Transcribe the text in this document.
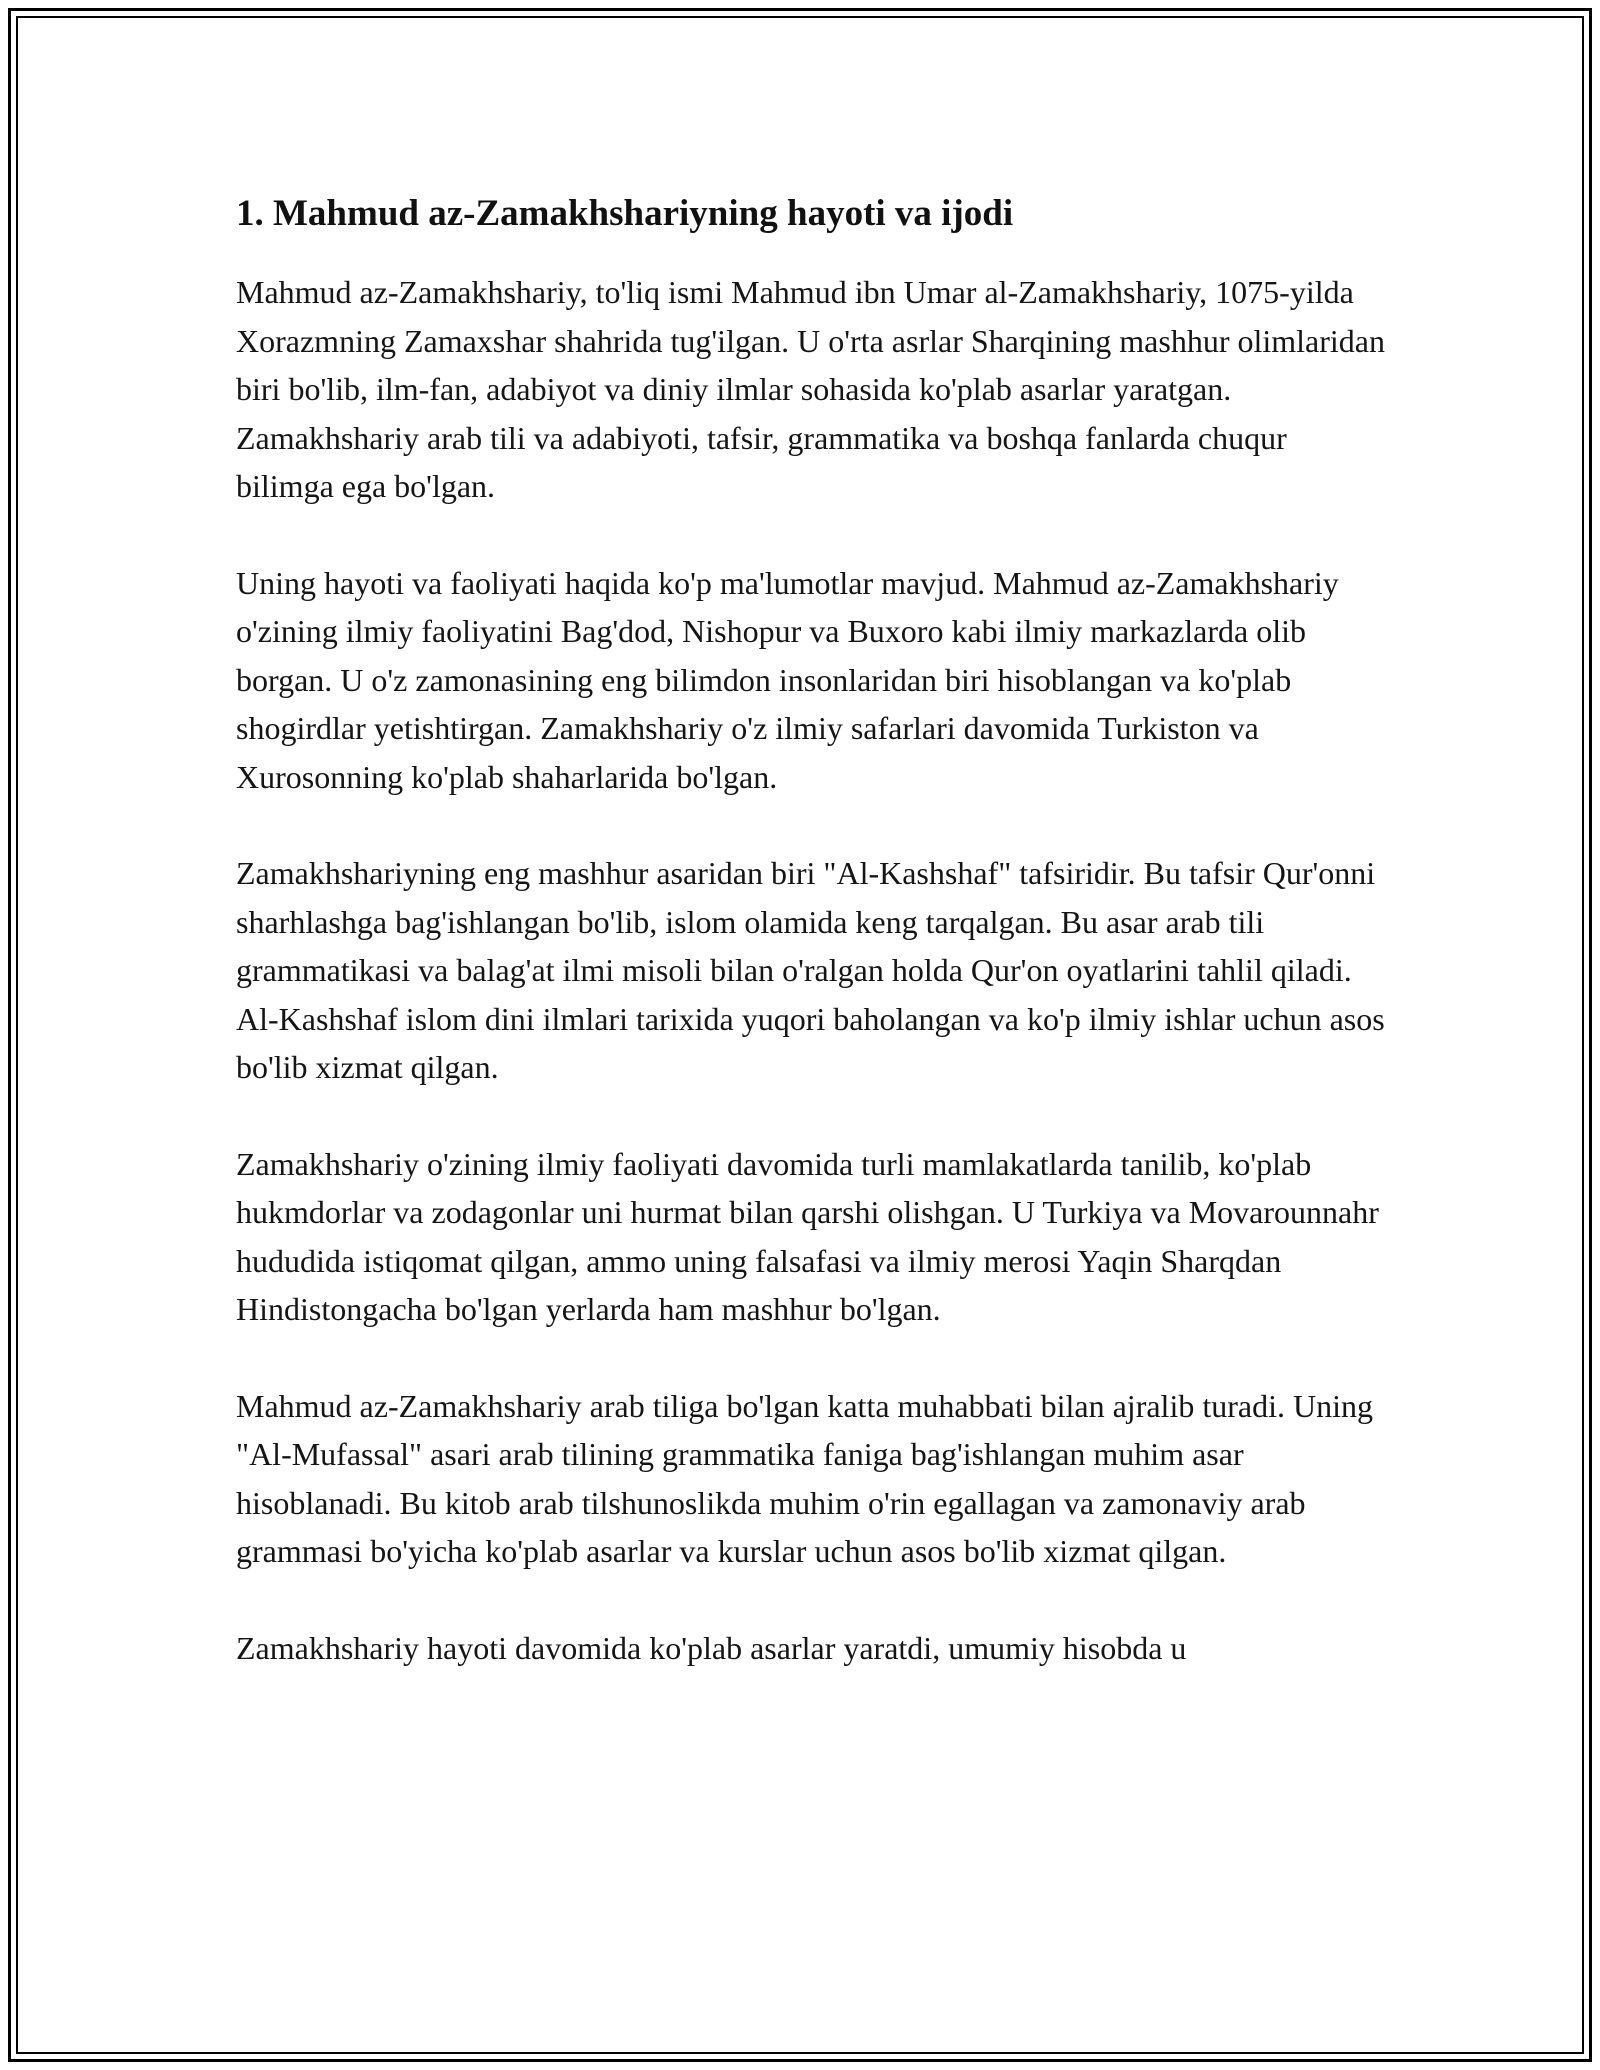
1. Mahmud az-Zamakhshariyning hayoti va ijodi

Mahmud az-Zamakhshariy, to'liq ismi Mahmud ibn Umar al-Zamakhshariy, 1075-yilda Xorazmning Zamaxshar shahrida tug'ilgan. U o'rta asrlar Sharqining mashhur olimlaridan biri bo'lib, ilm-fan, adabiyot va diniy ilmlar sohasida ko'plab asarlar yaratgan. Zamakhshariy arab tili va adabiyoti, tafsir, grammatika va boshqa fanlarda chuqur bilimga ega bo'lgan.

Uning hayoti va faoliyati haqida ko'p ma'lumotlar mavjud. Mahmud az-Zamakhshariy o'zining ilmiy faoliyatini Bag'dod, Nishopur va Buxoro kabi ilmiy markazlarda olib borgan. U o'z zamonasining eng bilimdon insonlaridan biri hisoblangan va ko'plab shogirdlar yetishtirgan. Zamakhshariy o'z ilmiy safarlari davomida Turkiston va Xurosonning ko'plab shaharlarida bo'lgan.

Zamakhshariyning eng mashhur asaridan biri "Al-Kashshaf" tafsiridir. Bu tafsir Qur'onni sharhlashga bag'ishlangan bo'lib, islom olamida keng tarqalgan. Bu asar arab tili grammatikasi va balag'at ilmi misoli bilan o'ralgan holda Qur'on oyatlarini tahlil qiladi. Al-Kashshaf islom dini ilmlari tarixida yuqori baholangan va ko'p ilmiy ishlar uchun asos bo'lib xizmat qilgan.

Zamakhshariy o'zining ilmiy faoliyati davomida turli mamlakatlarda tanilib, ko'plab hukmdorlar va zodagonlar uni hurmat bilan qarshi olishgan. U Turkiya va Movarounnahr hududida istiqomat qilgan, ammo uning falsafasi va ilmiy merosi Yaqin Sharqdan Hindistongacha bo'lgan yerlarda ham mashhur bo'lgan.

Mahmud az-Zamakhshariy arab tiliga bo'lgan katta muhabbati bilan ajralib turadi. Uning "Al-Mufassal" asari arab tilining grammatika faniga bag'ishlangan muhim asar hisoblanadi. Bu kitob arab tilshunoslikda muhim o'rin egallagan va zamonaviy arab grammasi bo'yicha ko'plab asarlar va kurslar uchun asos bo'lib xizmat qilgan.

Zamakhshariy hayoti davomida ko'plab asarlar yaratdi, umumiy hisobda u
